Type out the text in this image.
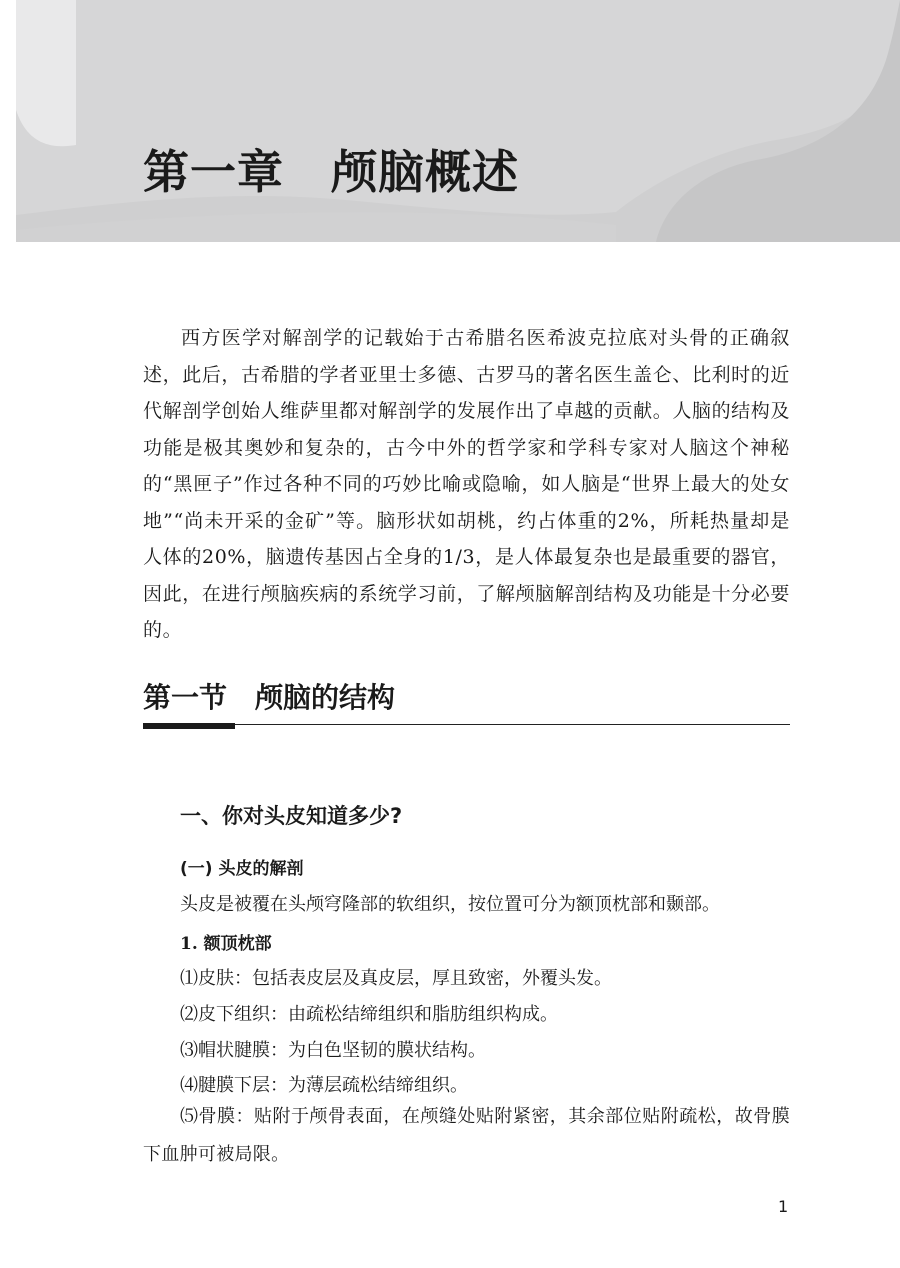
第一章　颅脑概述

西方医学对解剖学的记载始于古希腊名医希波克拉底对头骨的正确叙述，此后，古希腊的学者亚里士多德、古罗马的著名医生盖仑、比利时的近代解剖学创始人维萨里都对解剖学的发展作出了卓越的贡献。人脑的结构及功能是极其奥妙和复杂的，古今中外的哲学家和学科专家对人脑这个神秘的“黑匣子”作过各种不同的巧妙比喻或隐喻，如人脑是“世界上最大的处女地”“尚未开采的金矿”等。脑形状如胡桃，约占体重的2%，所耗热量却是人体的20%，脑遗传基因占全身的1/3，是人体最复杂也是最重要的器官，因此，在进行颅脑疾病的系统学习前，了解颅脑解剖结构及功能是十分必要的。

第一节　颅脑的结构
一、你对头皮知道多少?
(一) 头皮的解剖

头皮是被覆在头颅穹隆部的软组织，按位置可分为额顶枕部和颞部。

1. 额顶枕部

⑴皮肤：包括表皮层及真皮层，厚且致密，外覆头发。

⑵皮下组织：由疏松结缔组织和脂肪组织构成。

⑶帽状腱膜：为白色坚韧的膜状结构。

⑷腱膜下层：为薄层疏松结缔组织。

⑸骨膜：贴附于颅骨表面，在颅缝处贴附紧密，其余部位贴附疏松，故骨膜下血肿可被局限。

1
